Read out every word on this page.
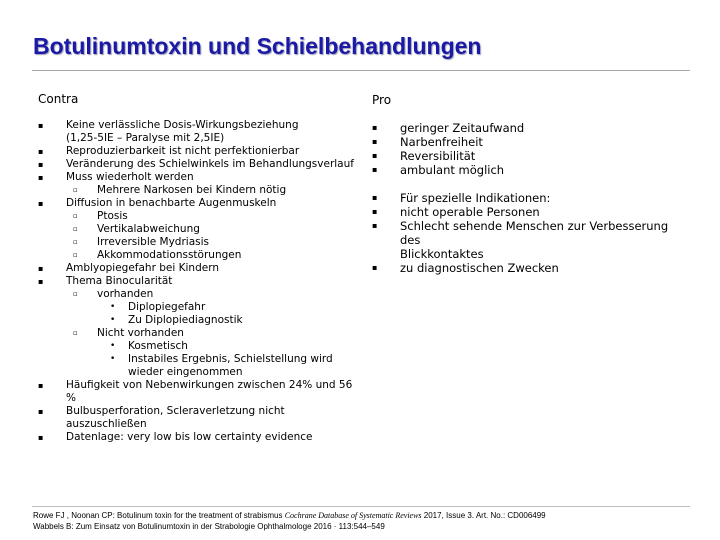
Botulinumtoxin und Schielbehandlungen
Contra
▪ Keine verlässliche Dosis-Wirkungsbeziehung
(1,25-5IE – Paralyse mit 2,5IE)
▪ Reproduzierbarkeit ist nicht perfektionierbar
▪ Veränderung des Schielwinkels im Behandlungsverlauf
▪ Muss wiederholt werden
▫ Mehrere Narkosen bei Kindern nötig
▪ Diffusion in benachbarte Augenmuskeln
▫ Ptosis
▫ Vertikalabweichung
▫ Irreversible Mydriasis
▫ Akkommodationsstörungen
▪ Amblyopiegefahr bei Kindern
▪ Thema Binocularität
▫ vorhanden
• Diplopiegefahr
• Zu Diplopiediagnostik
▫ Nicht vorhanden
• Kosmetisch
• Instabiles Ergebnis, Schielstellung wird
wieder eingenommen
▪ Häufigkeit von Nebenwirkungen zwischen 24% und 56 %
▪ Bulbusperforation, Scleraverletzung nicht auszuschließen
▪ Datenlage: very low bis low certainty evidence
Pro
▪ geringer Zeitaufwand
▪ Narbenfreiheit
▪ Reversibilität
▪ ambulant möglich
▪ Für spezielle Indikationen:
▪ nicht operable Personen
▪ Schlecht sehende Menschen zur Verbesserung des
Blickkontaktes
▪ zu diagnostischen Zwecken
Rowe FJ , Noonan CP: Botulinum toxin for the treatment of strabismus Cochrane Database of Systematic Reviews 2017, Issue 3. Art. No.: CD006499
Wabbels B: Zum Einsatz von Botulinumtoxin in der Strabologie Ophthalmologe 2016 · 113:544–549
